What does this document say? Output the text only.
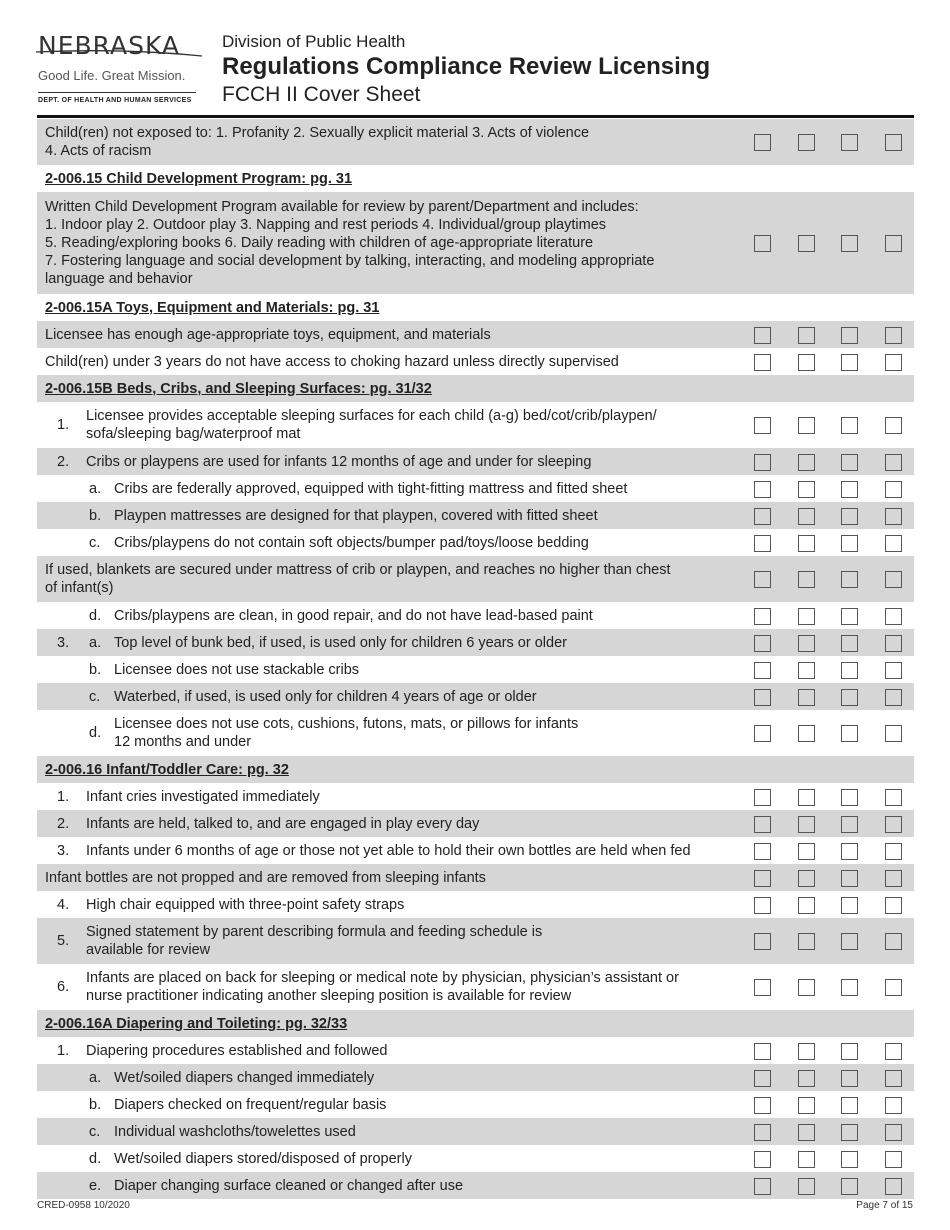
NEBRASKA
Good Life. Great Mission.
DEPT. OF HEALTH AND HUMAN SERVICES
Division of Public Health
Regulations Compliance Review Licensing
FCCH II Cover Sheet
Child(ren) not exposed to: 1. Profanity 2. Sexually explicit material 3. Acts of violence
4. Acts of racism
2-006.15 Child Development Program: pg. 31
Written Child Development Program available for review by parent/Department and includes:
1. Indoor play 2. Outdoor play 3. Napping and rest periods 4. Individual/group playtimes
5. Reading/exploring books 6. Daily reading with children of age-appropriate literature
7. Fostering language and social development by talking, interacting, and modeling appropriate
language and behavior
2-006.15A Toys, Equipment and Materials: pg. 31
Licensee has enough age-appropriate toys, equipment, and materials
Child(ren) under 3 years do not have access to choking hazard unless directly supervised
2-006.15B Beds, Cribs, and Sleeping Surfaces: pg. 31/32
1.
Licensee provides acceptable sleeping surfaces for each child (a-g) bed/cot/crib/playpen/
sofa/sleeping bag/waterproof mat
2. Cribs or playpens are used for infants 12 months of age and under for sleeping
a. Cribs are federally approved, equipped with tight-fitting mattress and fitted sheet
b. Playpen mattresses are designed for that playpen, covered with fitted sheet
c. Cribs/playpens do not contain soft objects/bumper pad/toys/loose bedding
If used, blankets are secured under mattress of crib or playpen, and reaches no higher than chest
of infant(s)
d. Cribs/playpens are clean, in good repair, and do not have lead-based paint
3. a. Top level of bunk bed, if used, is used only for children 6 years or older
b. Licensee does not use stackable cribs
c. Waterbed, if used, is used only for children 4 years of age or older
d.
Licensee does not use cots, cushions, futons, mats, or pillows for infants
12 months and under
2-006.16 Infant/Toddler Care: pg. 32
1. Infant cries investigated immediately
2. Infants are held, talked to, and are engaged in play every day
3. Infants under 6 months of age or those not yet able to hold their own bottles are held when fed
Infant bottles are not propped and are removed from sleeping infants
4. High chair equipped with three-point safety straps
5.
Signed statement by parent describing formula and feeding schedule is
available for review
6.
Infants are placed on back for sleeping or medical note by physician, physician’s assistant or
nurse practitioner indicating another sleeping position is available for review
2-006.16A Diapering and Toileting: pg. 32/33
1. Diapering procedures established and followed
a. Wet/soiled diapers changed immediately
b. Diapers checked on frequent/regular basis
c. Individual washcloths/towelettes used
d. Wet/soiled diapers stored/disposed of properly
e. Diaper changing surface cleaned or changed after use
CRED-0958 10/2020	Page 7 of 15
